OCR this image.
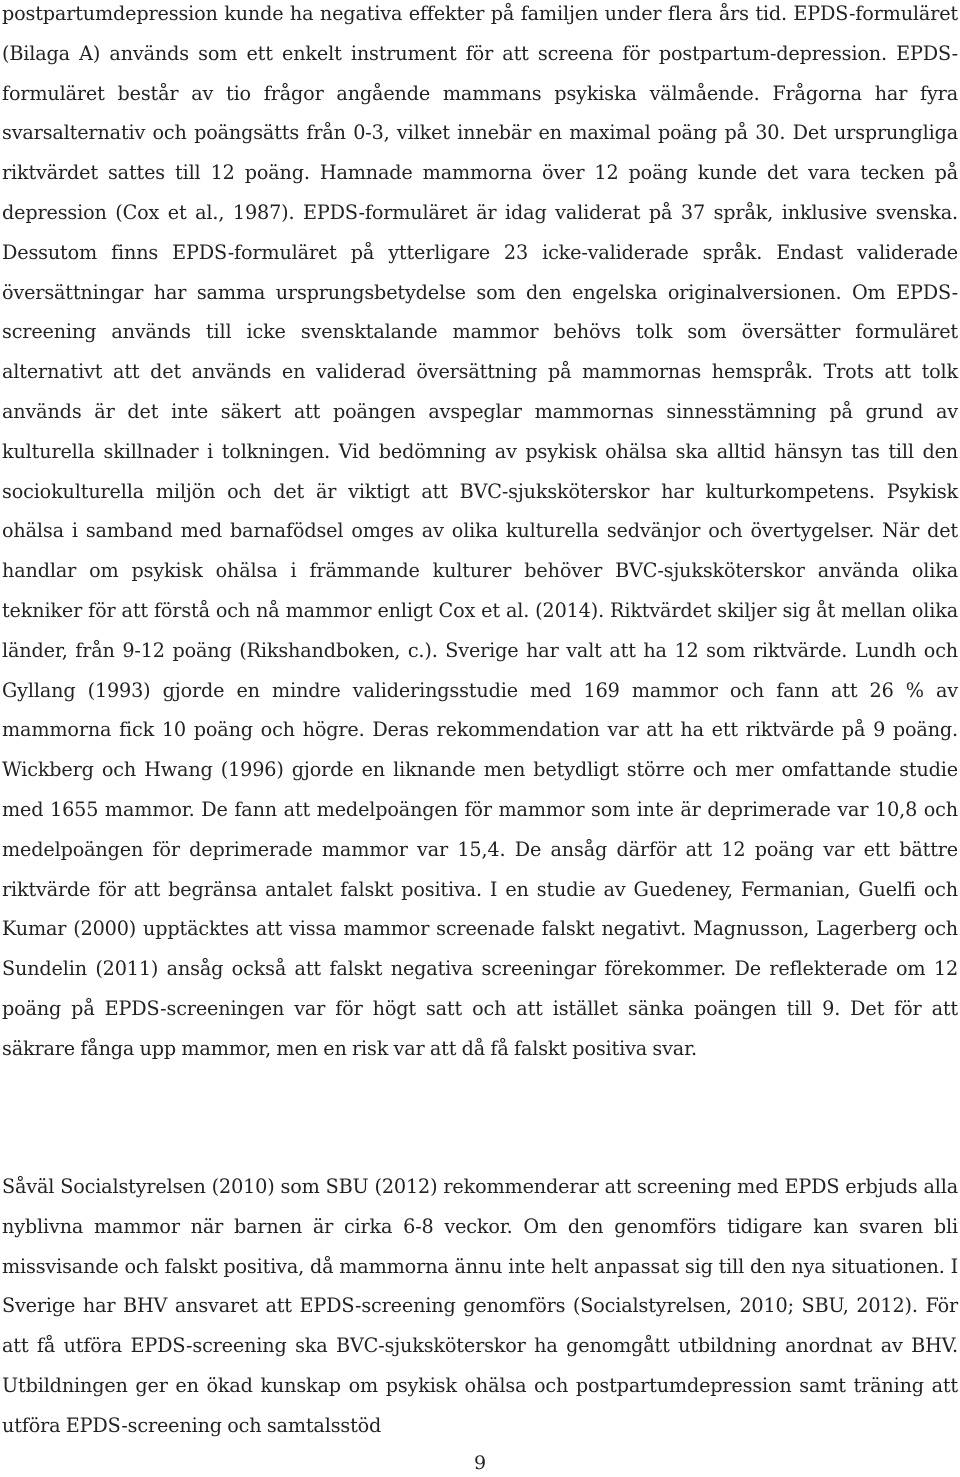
postpartumdepression kunde ha negativa effekter på familjen under flera års tid. EPDS-formuläret (Bilaga A) används som ett enkelt instrument för att screena för postpartum-depression. EPDS-formuläret består av tio frågor angående mammans psykiska välmående. Frågorna har fyra svarsalternativ och poängsätts från 0-3, vilket innebär en maximal poäng på 30. Det ursprungliga riktvärdet sattes till 12 poäng. Hamnade mammorna över 12 poäng kunde det vara tecken på depression (Cox et al., 1987). EPDS-formuläret är idag validerat på 37 språk, inklusive svenska. Dessutom finns EPDS-formuläret på ytterligare 23 icke-validerade språk. Endast validerade översättningar har samma ursprungsbetydelse som den engelska originalversionen. Om EPDS-screening används till icke svensktalande mammor behövs tolk som översätter formuläret alternativt att det används en validerad översättning på mammornas hemspråk. Trots att tolk används är det inte säkert att poängen avspeglar mammornas sinnesstämning på grund av kulturella skillnader i tolkningen. Vid bedömning av psykisk ohälsa ska alltid hänsyn tas till den sociokulturella miljön och det är viktigt att BVC-sjuksköterskor har kulturkompetens. Psykisk ohälsa i samband med barnafödsel omges av olika kulturella sedvänjor och övertygelser. När det handlar om psykisk ohälsa i främmande kulturer behöver BVC-sjuksköterskor använda olika tekniker för att förstå och nå mammor enligt Cox et al. (2014). Riktvärdet skiljer sig åt mellan olika länder, från 9-12 poäng (Rikshandboken, c.). Sverige har valt att ha 12 som riktvärde. Lundh och Gyllang (1993) gjorde en mindre valideringsstudie med 169 mammor och fann att 26 % av mammorna fick 10 poäng och högre. Deras rekommendation var att ha ett riktvärde på 9 poäng. Wickberg och Hwang (1996) gjorde en liknande men betydligt större och mer omfattande studie med 1655 mammor. De fann att medelpoängen för mammor som inte är deprimerade var 10,8 och medelpoängen för deprimerade mammor var 15,4. De ansåg därför att 12 poäng var ett bättre riktvärde för att begränsa antalet falskt positiva. I en studie av Guedeney, Fermanian, Guelfi och Kumar (2000) upptäcktes att vissa mammor screenade falskt negativt. Magnusson, Lagerberg och Sundelin (2011) ansåg också att falskt negativa screeningar förekommer. De reflekterade om 12 poäng på EPDS-screeningen var för högt satt och att istället sänka poängen till 9. Det för att säkrare fånga upp mammor, men en risk var att då få falskt positiva svar.

Såväl Socialstyrelsen (2010) som SBU (2012) rekommenderar att screening med EPDS erbjuds alla nyblivna mammor när barnen är cirka 6-8 veckor. Om den genomförs tidigare kan svaren bli missvisande och falskt positiva, då mammorna ännu inte helt anpassat sig till den nya situationen. I Sverige har BHV ansvaret att EPDS-screening genomförs (Socialstyrelsen, 2010; SBU, 2012). För att få utföra EPDS-screening ska BVC-sjuksköterskor ha genomgått utbildning anordnat av BHV. Utbildningen ger en ökad kunskap om psykisk ohälsa och postpartumdepression samt träning att utföra EPDS-screening och samtalsstöd

9
